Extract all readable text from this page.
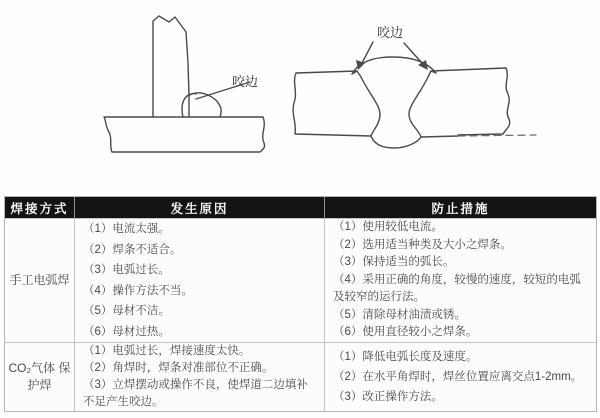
咬边
咬边
焊接方式	发生原因	防止措施
手工电弧焊
（1）电流太强。
（2）焊条不适合。
（3）电弧过长。
（4）操作方法不当。
（5）母材不洁。
（6）母材过热。
（1）使用较低电流。
（2）选用适当种类及大小之焊条。
（3）保持适当的弧长。
（4）采用正确的角度，较慢的速度，较短的电弧及较窄的运行法。
（5）清除母材油渍或锈。
（6）使用直径较小之焊条。
CO₂气体 保护焊
（1）电弧过长，焊接速度太快。
（2）角焊时，焊条对准部位不正确。
（3）立焊摆动或操作不良，使焊道二边填补不足产生咬边。
（1）降低电弧长度及速度。
（2）在水平角焊时，焊丝位置应离交点1-2mm。
（3）改正操作方法。
